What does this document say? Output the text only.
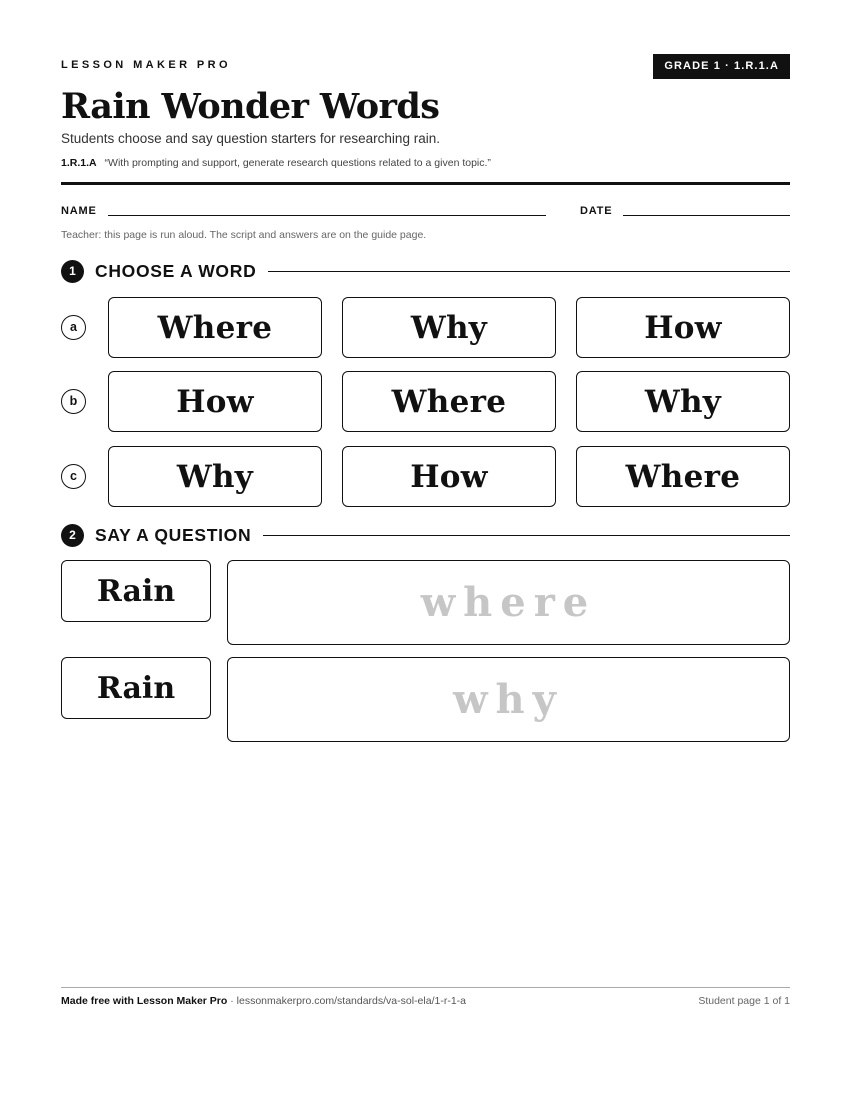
LESSON MAKER PRO	GRADE 1 · 1.R.1.A
Rain Wonder Words
Students choose and say question starters for researching rain.
1.R.1.A “With prompting and support, generate research questions related to a given topic.”
NAME	DATE
Teacher: this page is run aloud. The script and answers are on the guide page.
1	CHOOSE A WORD
a	Where	Why	How
b	How	Where	Why
c	Why	How	Where
2	SAY A QUESTION
Rain	where
Rain	why
Made free with Lesson Maker Pro · lessonmakerpro.com/standards/va-sol-ela/1-r-1-a	Student page 1 of 1
